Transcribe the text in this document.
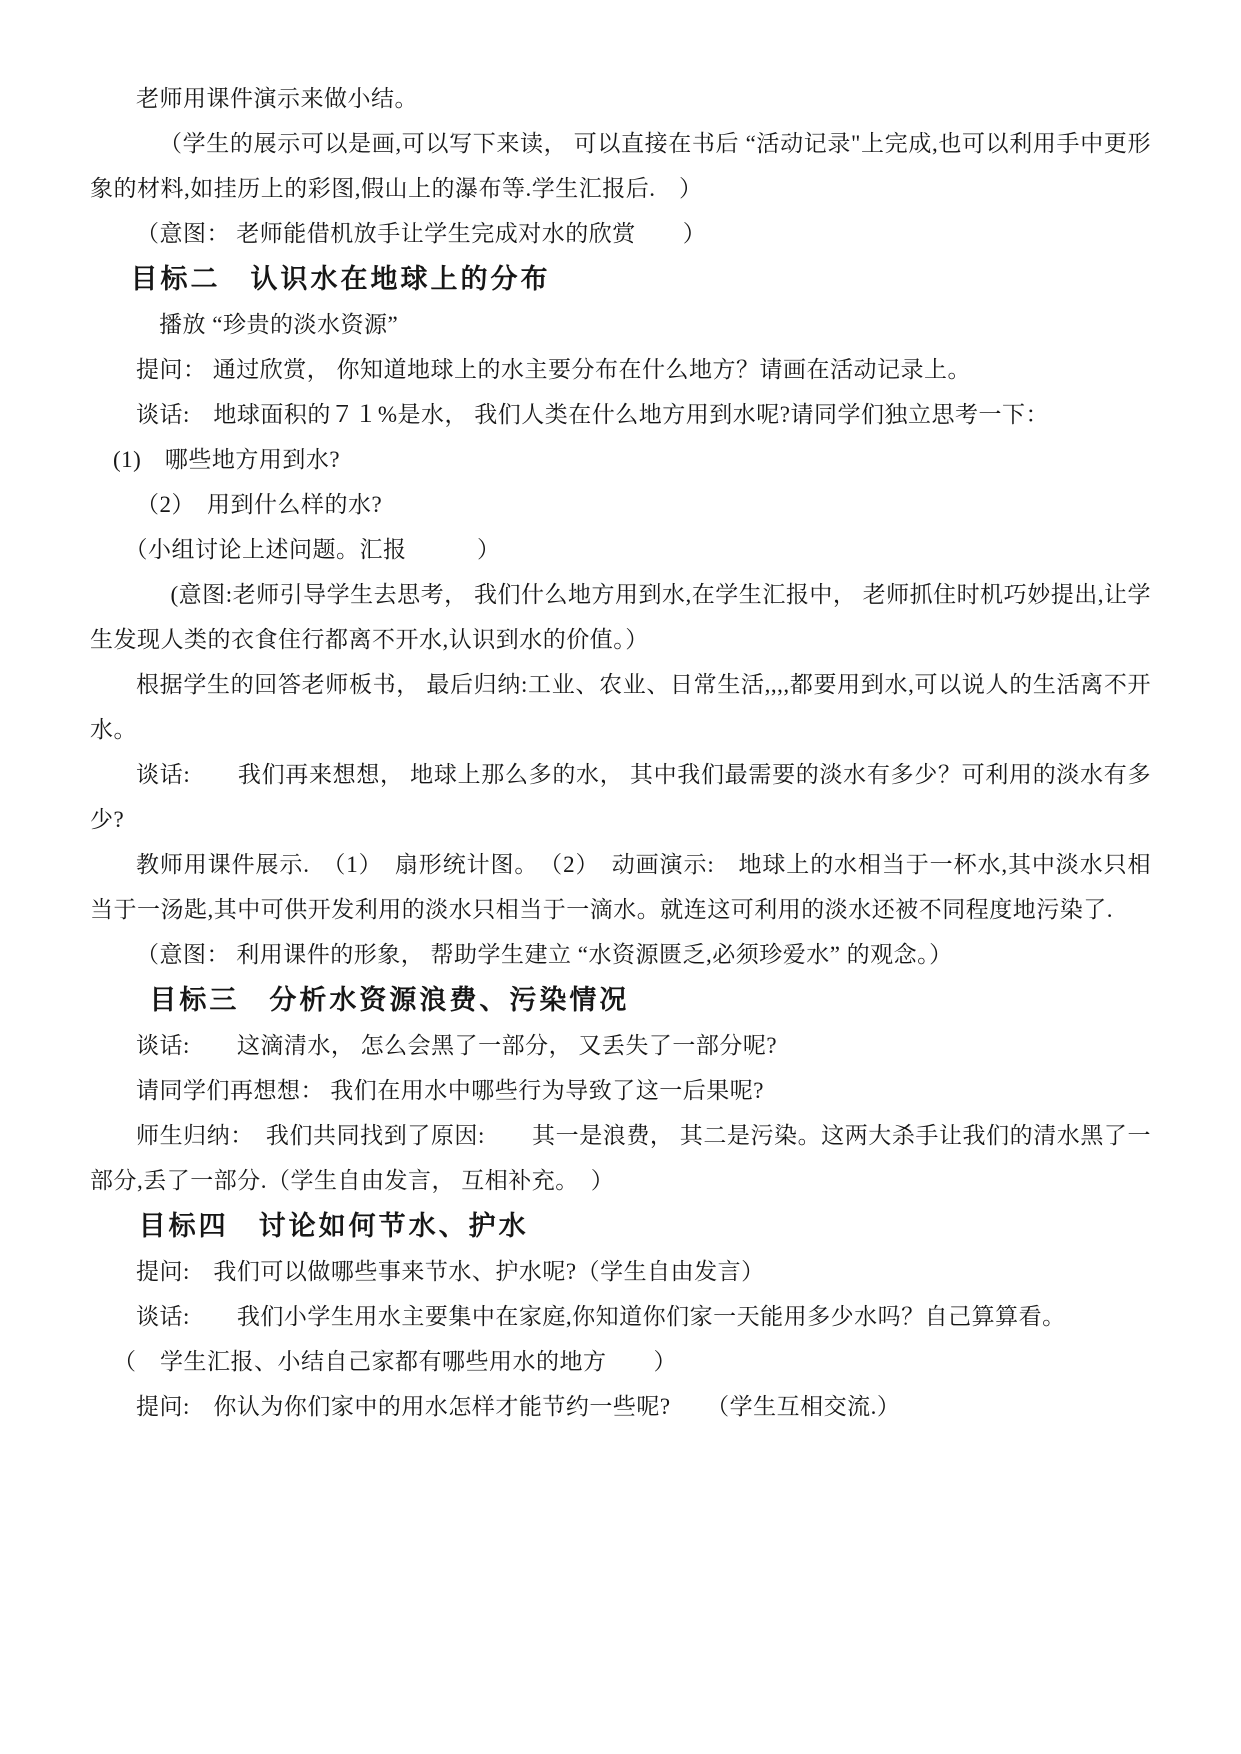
老师用课件演示来做小结。
（学生的展示可以是画,可以写下来读， 可以直接在书后 “活动记录"上完成,也可以利用手中更形象的材料,如挂历上的彩图,假山上的瀑布等.学生汇报后.　）
（意图： 老师能借机放手让学生完成对水的欣赏　　）
目标二　认识水在地球上的分布
播放 “珍贵的淡水资源”
提问： 通过欣赏， 你知道地球上的水主要分布在什么地方？请画在活动记录上。
谈话:　地球面积的７１%是水， 我们人类在什么地方用到水呢?请同学们独立思考一下：
(1)　哪些地方用到水?
（2）　用到什么样的水?
（小组讨论上述问题。汇报　　　）
(意图:老师引导学生去思考， 我们什么地方用到水,在学生汇报中， 老师抓住时机巧妙提出,让学生发现人类的衣食住行都离不开水,认识到水的价值。）
根据学生的回答老师板书， 最后归纳:工业、农业、日常生活,,,,都要用到水,可以说人的生活离不开水。
谈话:　　我们再来想想， 地球上那么多的水， 其中我们最需要的淡水有多少？可利用的淡水有多少?
教师用课件展示.　（1）　扇形统计图。　（2）　动画演示:　地球上的水相当于一杯水,其中淡水只相当于一汤匙,其中可供开发利用的淡水只相当于一滴水。就连这可利用的淡水还被不同程度地污染了.
（意图： 利用课件的形象， 帮助学生建立 “水资源匮乏,必须珍爱水” 的观念。）
目标三　分析水资源浪费、污染情况
谈话:　　这滴清水， 怎么会黑了一部分， 又丢失了一部分呢?
请同学们再想想： 我们在用水中哪些行为导致了这一后果呢?
师生归纳：　我们共同找到了原因:　　其一是浪费， 其二是污染。这两大杀手让我们的清水黑了一部分,丢了一部分.（学生自由发言， 互相补充。　）
目标四　讨论如何节水、护水
提问:　我们可以做哪些事来节水、护水呢?（学生自由发言）
谈话:　　我们小学生用水主要集中在家庭,你知道你们家一天能用多少水吗？自己算算看。
（　学生汇报、小结自己家都有哪些用水的地方　　）
提问:　你认为你们家中的用水怎样才能节约一些呢?　　（学生互相交流.）
